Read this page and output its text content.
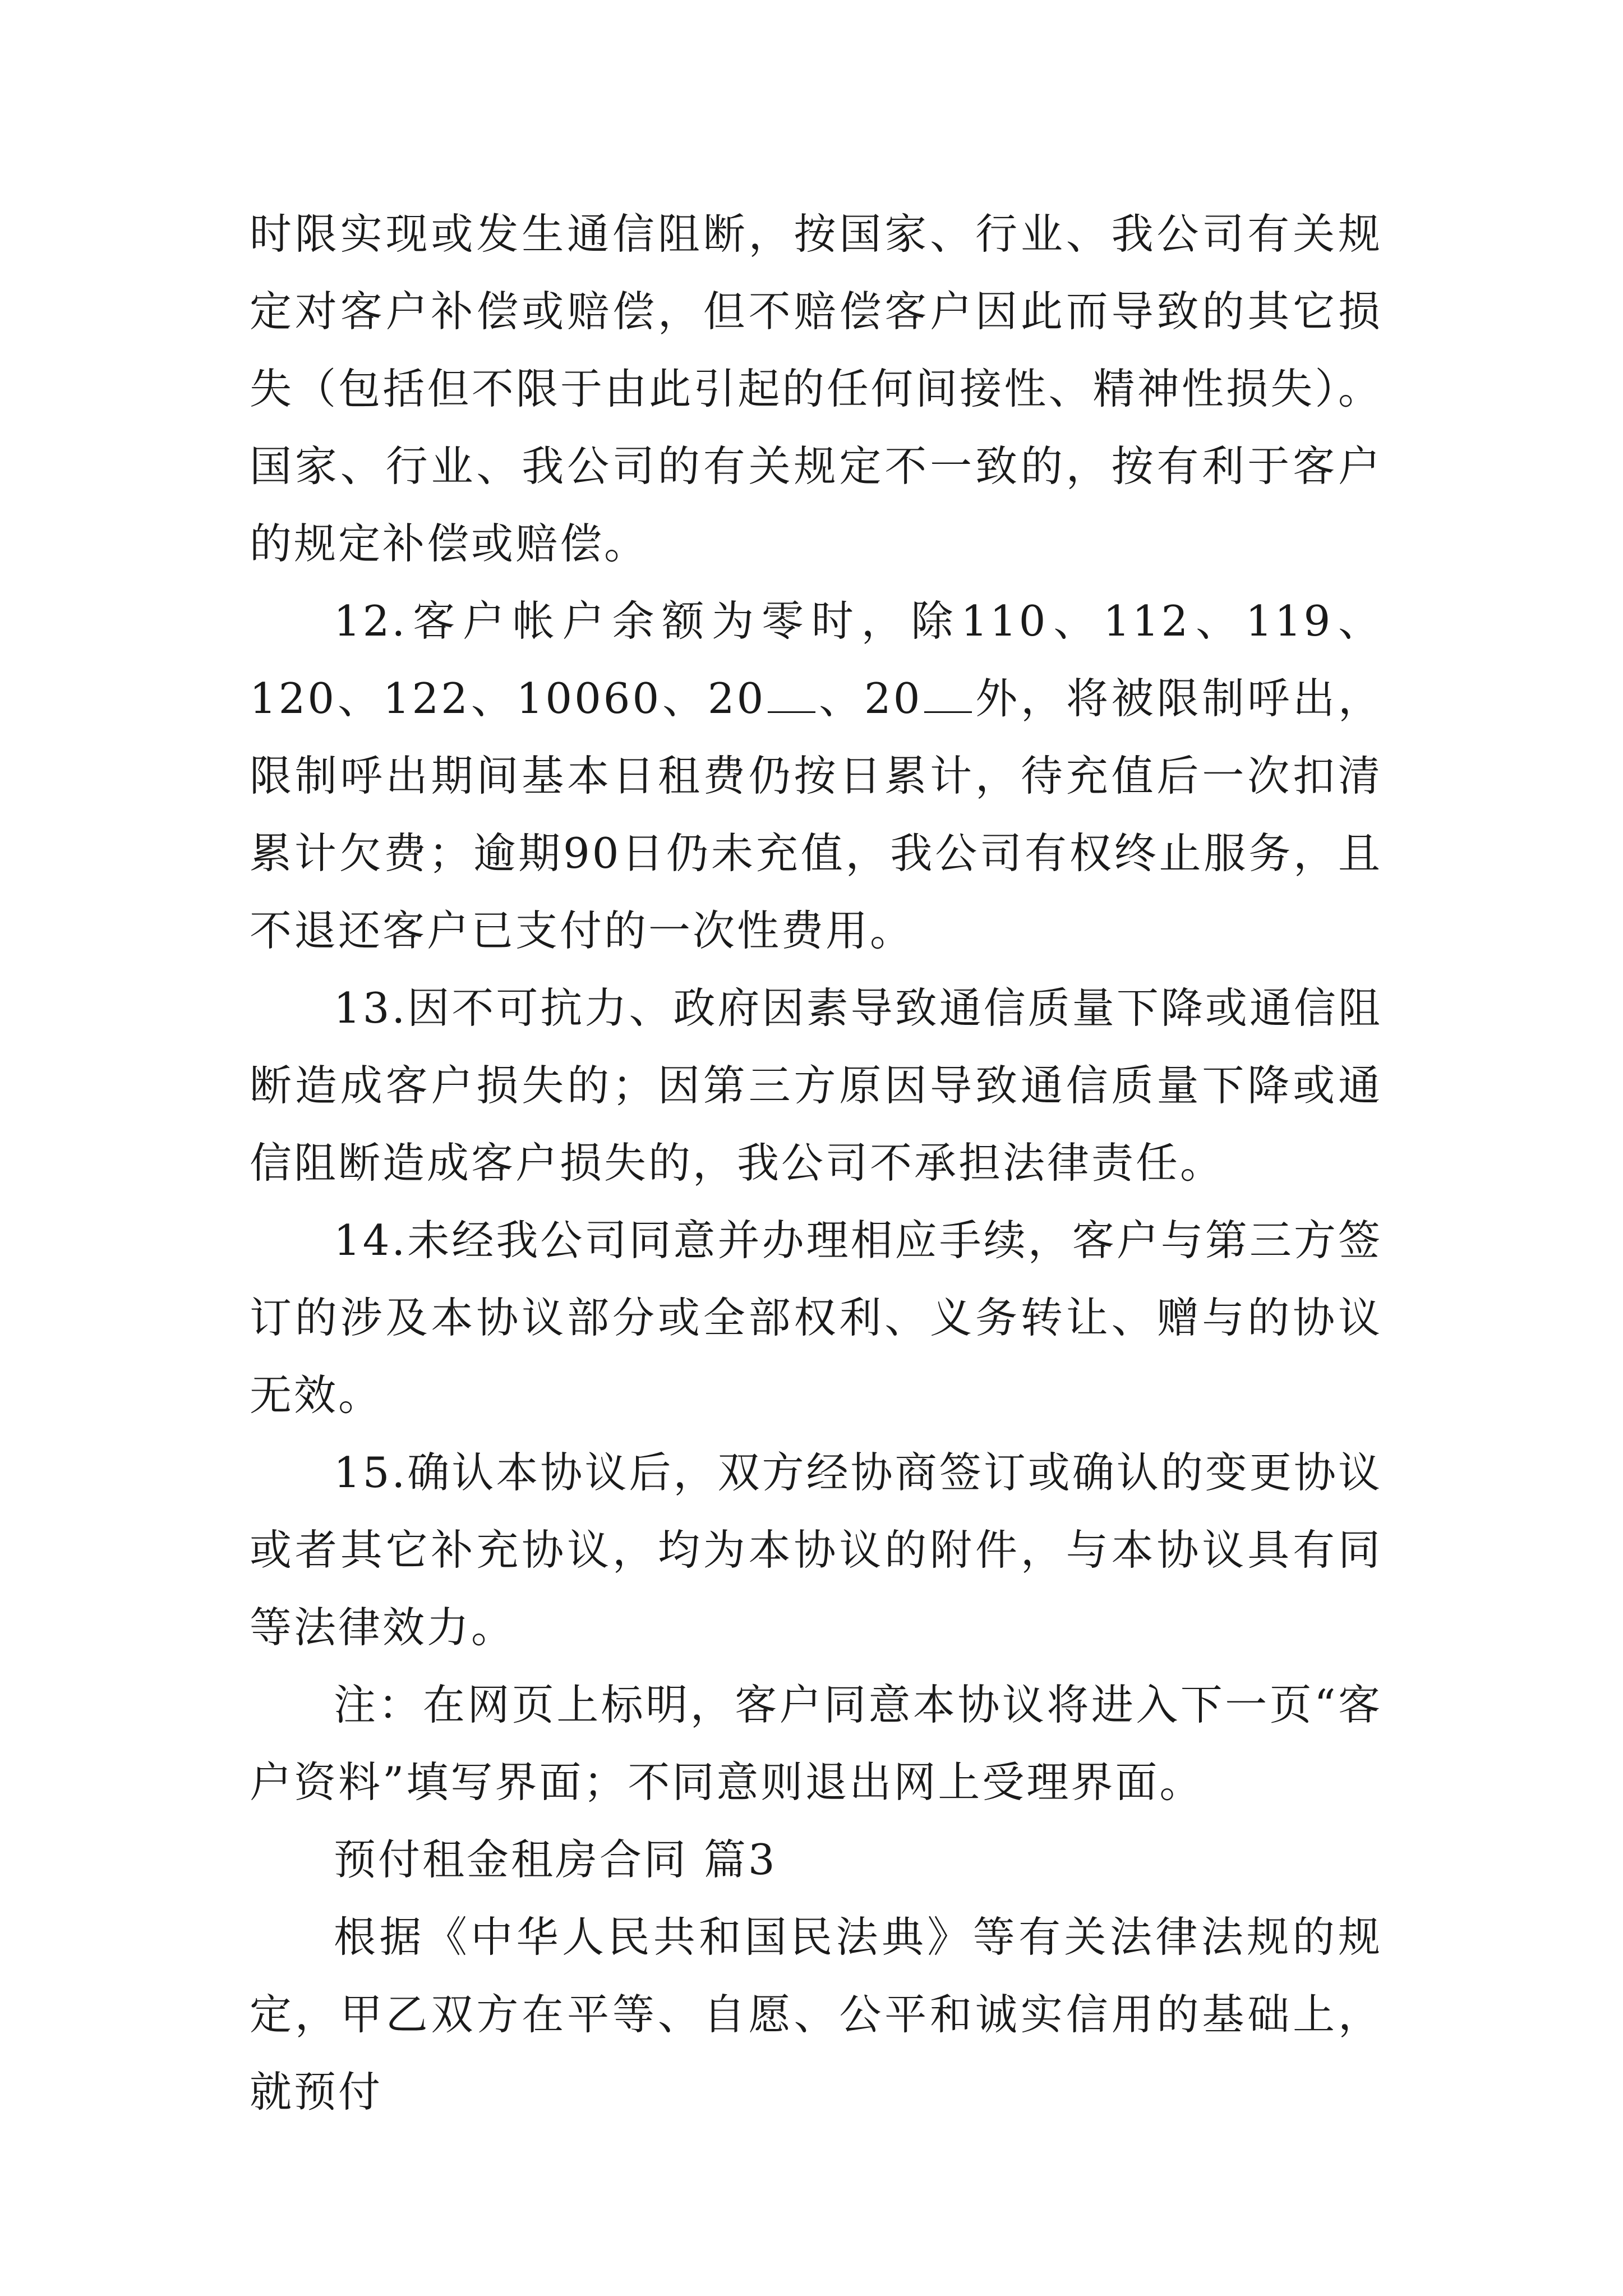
时限实现或发生通信阻断，按国家、行业、我公司有关规定对客户补偿或赔偿，但不赔偿客户因此而导致的其它损失（包括但不限于由此引起的任何间接性、精神性损失）。国家、行业、我公司的有关规定不一致的，按有利于客户的规定补偿或赔偿。

12.客户帐户余额为零时，除110、112、119、120、122、10060、20 、20 外，将被限制呼出，限制呼出期间基本日租费仍按日累计，待充值后一次扣清累计欠费；逾期90日仍未充值，我公司有权终止服务，且不退还客户已支付的一次性费用。

13.因不可抗力、政府因素导致通信质量下降或通信阻断造成客户损失的；因第三方原因导致通信质量下降或通信阻断造成客户损失的，我公司不承担法律责任。

14.未经我公司同意并办理相应手续，客户与第三方签订的涉及本协议部分或全部权利、义务转让、赠与的协议无效。

15.确认本协议后，双方经协商签订或确认的变更协议或者其它补充协议，均为本协议的附件，与本协议具有同等法律效力。

注：在网页上标明，客户同意本协议将进入下一页“客户资料”填写界面；不同意则退出网上受理界面。

预付租金租房合同 篇3

根据《中华人民共和国民法典》等有关法律法规的规定，甲乙双方在平等、自愿、公平和诚实信用的基础上，就预付
